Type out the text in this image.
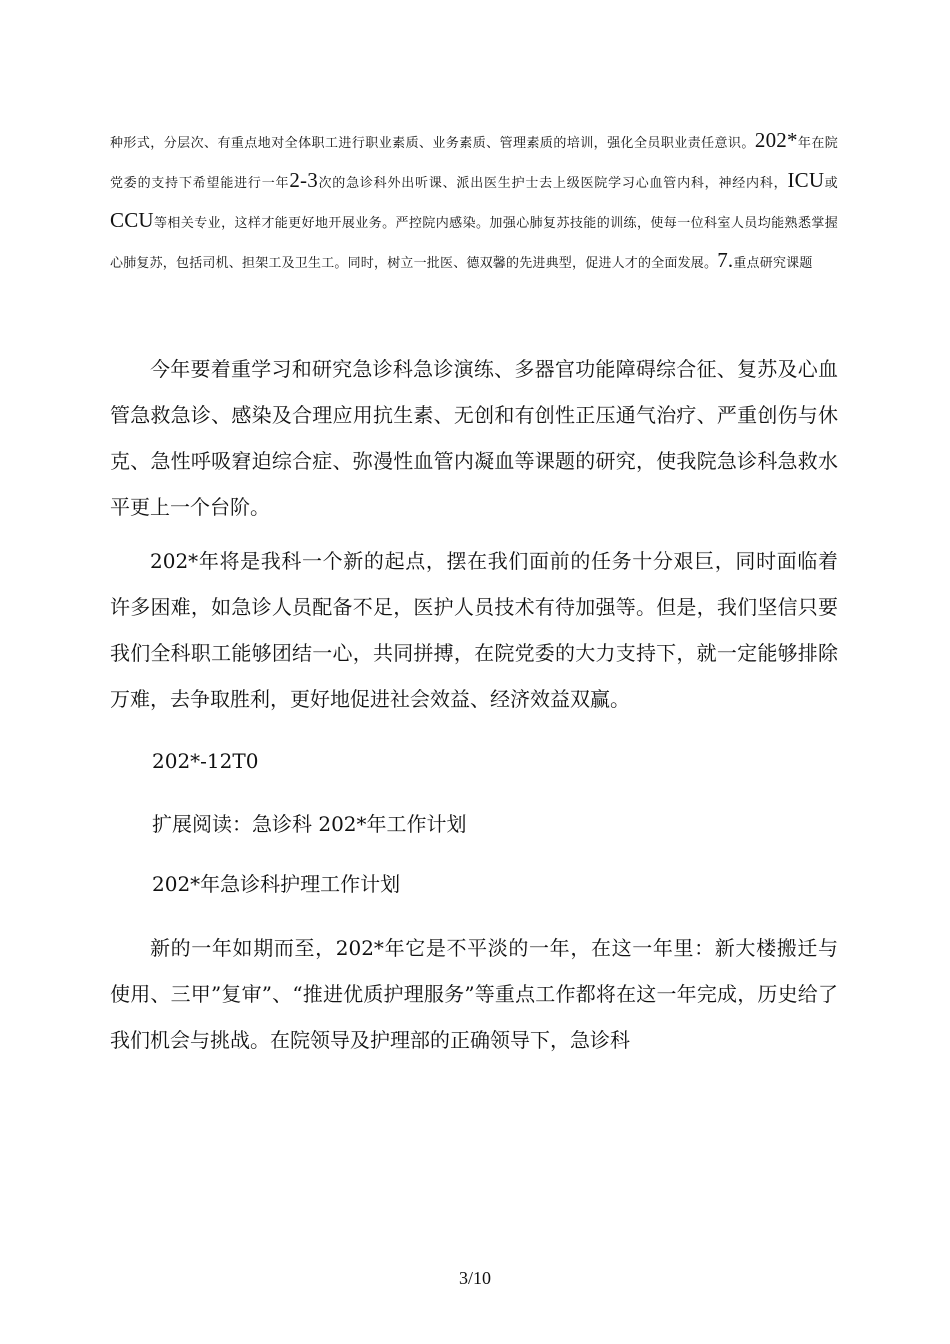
种形式，分层次、有重点地对全体职工进行职业素质、业务素质、管理素质的培训，强化全员职业责任意识。202*年在院党委的支持下希望能进行一年2-3次的急诊科外出听课、派出医生护士去上级医院学习心血管内科，神经内科，ICU或CCU等相关专业，这样才能更好地开展业务。严控院内感染。加强心肺复苏技能的训练，使每一位科室人员均能熟悉掌握心肺复苏，包括司机、担架工及卫生工。同时，树立一批医、德双馨的先进典型，促进人才的全面发展。7.重点研究课题

今年要着重学习和研究急诊科急诊演练、多器官功能障碍综合征、复苏及心血管急救急诊、感染及合理应用抗生素、无创和有创性正压通气治疗、严重创伤与休克、急性呼吸窘迫综合症、弥漫性血管内凝血等课题的研究，使我院急诊科急救水平更上一个台阶。

202*年将是我科一个新的起点，摆在我们面前的任务十分艰巨，同时面临着许多困难，如急诊人员配备不足，医护人员技术有待加强等。但是，我们坚信只要我们全科职工能够团结一心，共同拼搏，在院党委的大力支持下，就一定能够排除万难，去争取胜利，更好地促进社会效益、经济效益双赢。

202*-12T0
扩展阅读：急诊科 202*年工作计划
202*年急诊科护理工作计划

新的一年如期而至，202*年它是不平淡的一年，在这一年里：新大楼搬迁与使用、三甲”复审”、“推进优质护理服务”等重点工作都将在这一年完成，历史给了我们机会与挑战。在院领导及护理部的正确领导下，急诊科

3/10
